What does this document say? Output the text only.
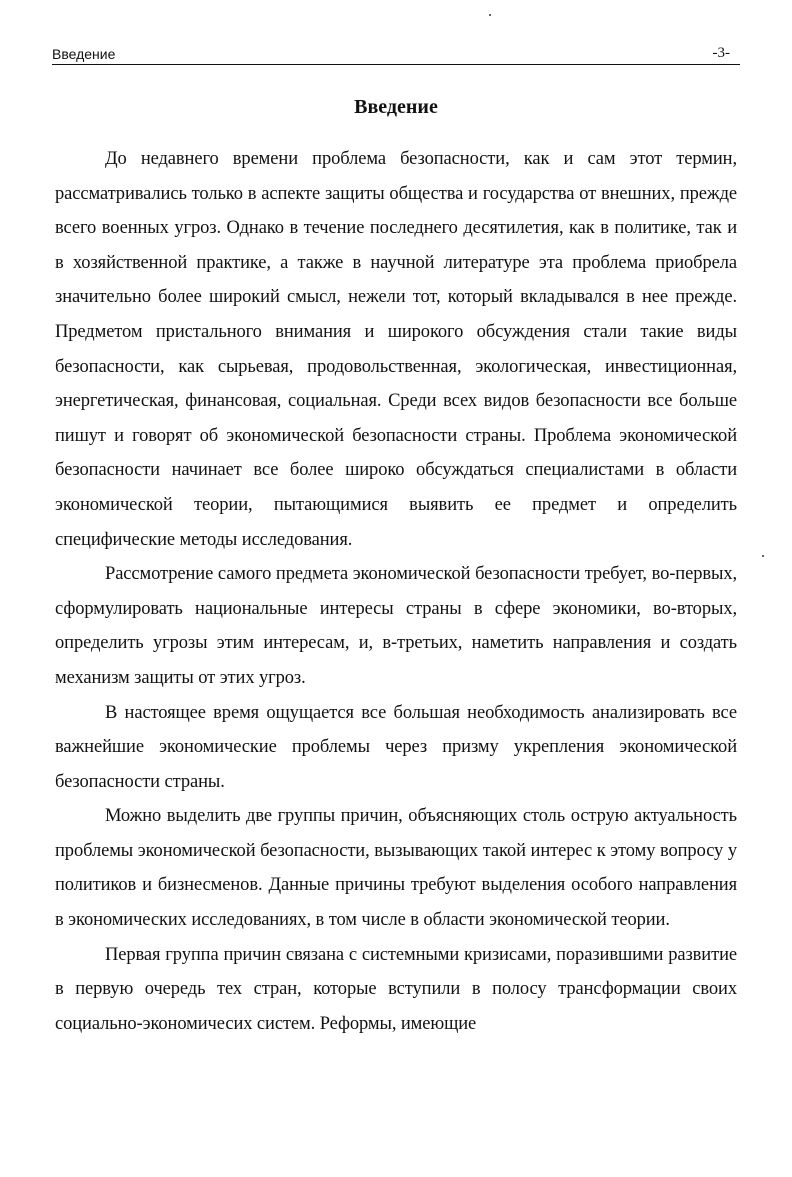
Введение	-3-
Введение

До недавнего времени проблема безопасности, как и сам этот термин, рассматривались только в аспекте защиты общества и государства от внешних, прежде всего военных угроз. Однако в течение последнего десятилетия, как в политике, так и в хозяйственной практике, а также в научной литературе эта проблема приобрела значительно более широкий смысл, нежели тот, который вкладывался в нее прежде. Предметом пристального внимания и широкого обсуждения стали такие виды безопасности, как сырьевая, продовольственная, экологическая, инвестиционная, энергетическая, финансовая, социальная. Среди всех видов безопасности все больше пишут и говорят об экономической безопасности страны. Проблема экономической безопасности начинает все более широко обсуждаться специалистами в области экономической теории, пытающимися выявить ее предмет и определить специфические методы исследования.

Рассмотрение самого предмета экономической безопасности требует, во-первых, сформулировать национальные интересы страны в сфере экономики, во-вторых, определить угрозы этим интересам, и, в-третьих, наметить направления и создать механизм защиты от этих угроз.

В настоящее время ощущается все большая необходимость анализировать все важнейшие экономические проблемы через призму укрепления экономической безопасности страны.

Можно выделить две группы причин, объясняющих столь острую актуальность проблемы экономической безопасности, вызывающих такой интерес к этому вопросу у политиков и бизнесменов. Данные причины требуют выделения особого направления в экономических исследованиях, в том числе в области экономической теории.

Первая группа причин связана с системными кризисами, поразившими развитие в первую очередь тех стран, которые вступили в полосу трансформации своих социально-экономичесих систем. Реформы, имеющие
